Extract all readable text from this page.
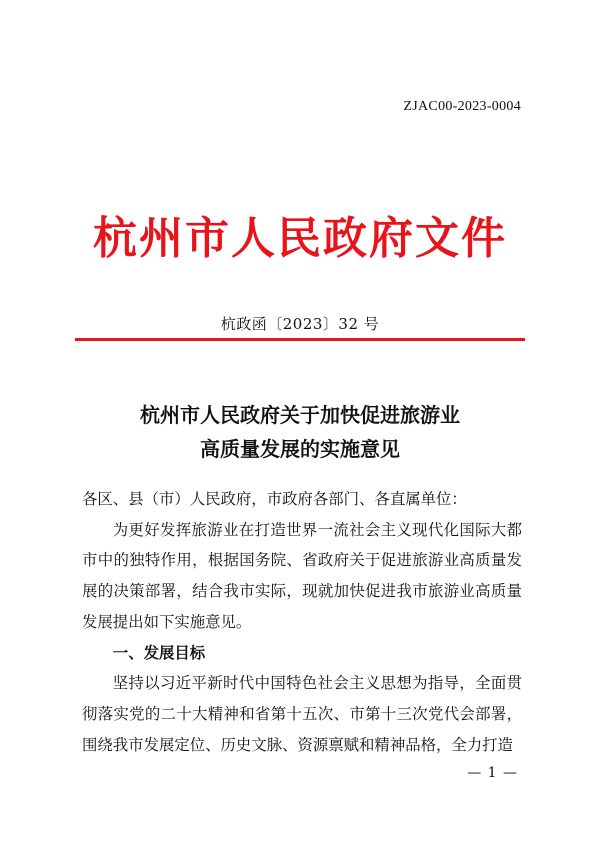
ZJAC00-2023-0004
杭州市人民政府文件
杭政函〔2023〕32 号
杭州市人民政府关于加快促进旅游业
高质量发展的实施意见

各区、县（市）人民政府，市政府各部门、各直属单位：

为更好发挥旅游业在打造世界一流社会主义现代化国际大都市中的独特作用，根据国务院、省政府关于促进旅游业高质量发展的决策部署，结合我市实际，现就加快促进我市旅游业高质量发展提出如下实施意见。

一、发展目标

坚持以习近平新时代中国特色社会主义思想为指导，全面贯彻落实党的二十大精神和省第十五次、市第十三次党代会部署，围绕我市发展定位、历史文脉、资源禀赋和精神品格，全力打造

— 1 —
